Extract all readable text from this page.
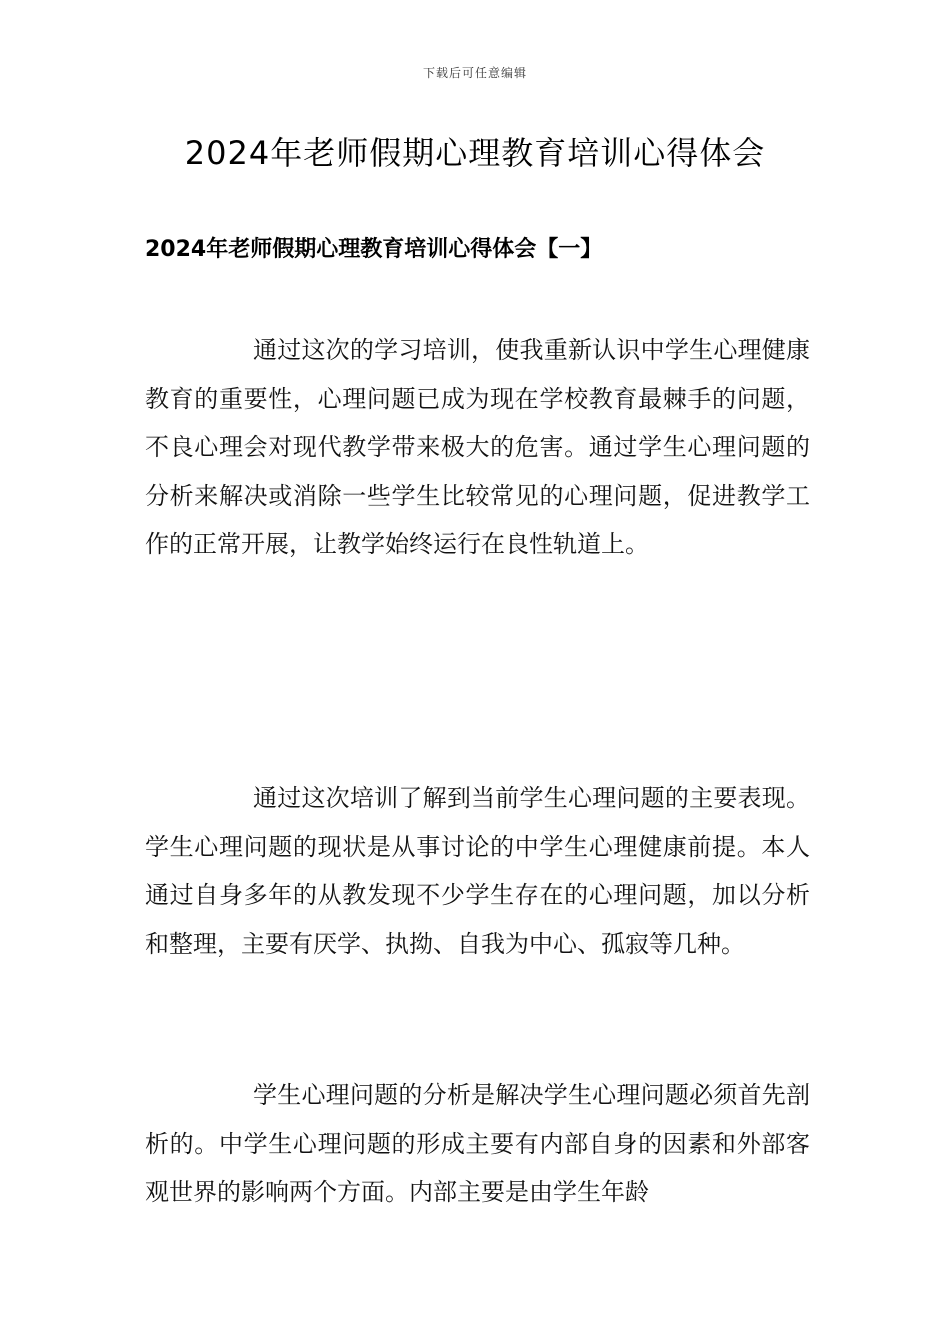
下载后可任意编辑
2024年老师假期心理教育培训心得体会
2024年老师假期心理教育培训心得体会【一】

通过这次的学习培训，使我重新认识中学生心理健康教育的重要性，心理问题已成为现在学校教育最棘手的问题，不良心理会对现代教学带来极大的危害。通过学生心理问题的分析来解决或消除一些学生比较常见的心理问题，促进教学工作的正常开展，让教学始终运行在良性轨道上。

通过这次培训了解到当前学生心理问题的主要表现。学生心理问题的现状是从事讨论的中学生心理健康前提。本人通过自身多年的从教发现不少学生存在的心理问题，加以分析和整理，主要有厌学、执拗、自我为中心、孤寂等几种。

学生心理问题的分析是解决学生心理问题必须首先剖析的。中学生心理问题的形成主要有内部自身的因素和外部客观世界的影响两个方面。内部主要是由学生年龄
